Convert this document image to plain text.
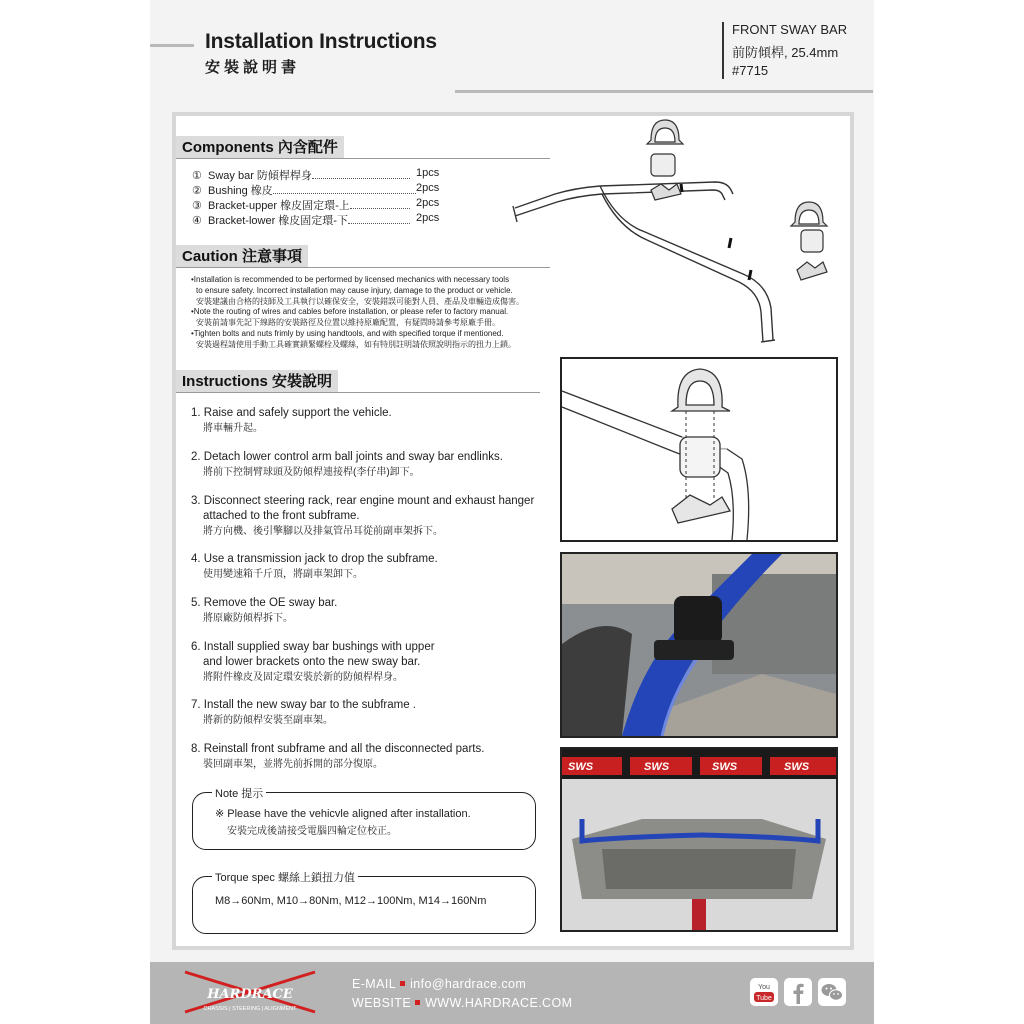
Installation Instructions
安裝說明書
FRONT SWAY BAR
前防傾桿, 25.4mm
#7715
Components 內含配件
① Sway bar 防傾桿桿身	1pcs
② Bushing 橡皮	2pcs
③ Bracket-upper 橡皮固定環-上	2pcs
④ Bracket-lower 橡皮固定環-下	2pcs
Caution 注意事項

•Installation is recommended to be performed by licensed mechanics with necessary tools

to ensure safety. Incorrect installation may cause injury, damage to the product or vehicle.

安裝建議由合格的技師及工具執行以確保安全，安裝錯誤可能對人員、產品及車輛造成傷害。

•Note the routing of wires and cables before installation, or please refer to factory manual.

安裝前請事先記下線路的安裝路徑及位置以維持原廠配置，有疑問時請參考原廠手冊。

•Tighten bolts and nuts frimly by using handtools, and with specified torque if mentioned.

安裝過程請使用手動工具確實鎖緊螺栓及螺絲，如有特別註明請依照說明指示的扭力上鎖。

Instructions 安裝說明
1. Raise and safely support the vehicle.
將車輛升起。
2. Detach lower control arm ball joints and sway bar endlinks.
將前下控制臂球頭及防傾桿連接桿(李仔串)卸下。
3. Disconnect steering rack, rear engine mount and exhaust hanger
attached to the front subframe.
將方向機、後引擎腳以及排氣管吊耳從前副車架拆下。
4. Use a transmission jack to drop the subframe.
使用變速箱千斤頂，將副車架卸下。
5. Remove the OE sway bar.
將原廠防傾桿拆下。
6. Install supplied sway bar bushings with upper
and lower brackets onto the new sway bar.
將附件橡皮及固定環安裝於新的防傾桿桿身。
7. Install the new sway bar to the subframe .
將新的防傾桿安裝至副車架。
8. Reinstall front subframe and all the disconnected parts.
裝回副車架，並將先前拆開的部分復原。
Note 提示
※ Please have the vehicvle aligned after installation.
安裝完成後請接受電腦四輪定位校正。
Torque spec 螺絲上鎖扭力值
M8→60Nm, M10→80Nm, M12→100Nm, M14→160Nm
SWS	SWS	SWS	SWS
HARDRACE
CHASSIS | STEERING | ALIGNMENT
E-MAIL info@hardrace.com
WEBSITE WWW.HARDRACE.COM
You
Tube
